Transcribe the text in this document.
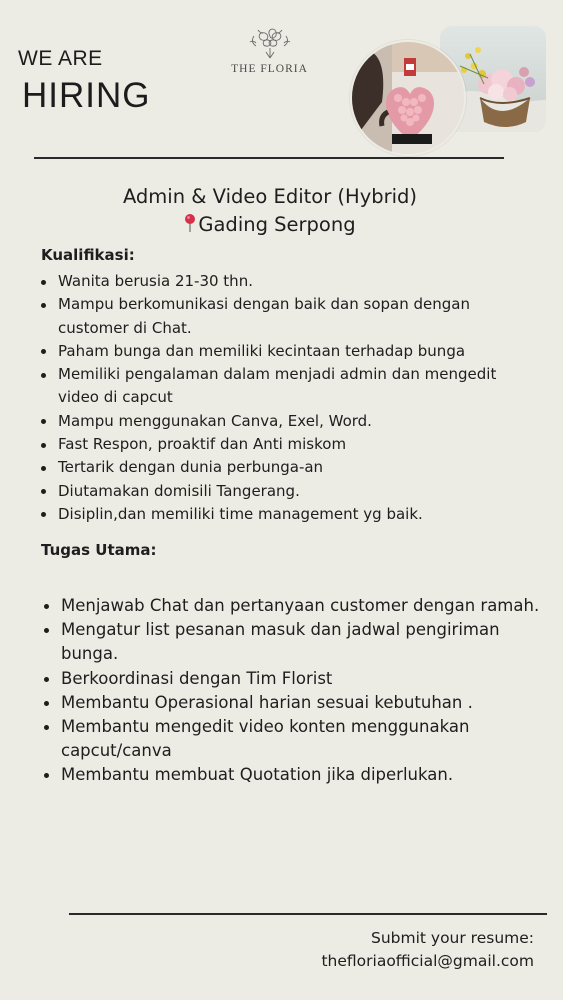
WE ARE
HIRING
THE FLORIA
Admin & Video Editor (Hybrid)
Gading Serpong
Kualifikasi:
Wanita berusia 21-30 thn.
Mampu berkomunikasi dengan baik dan sopan dengan customer di Chat.
Paham bunga dan memiliki kecintaan terhadap bunga
Memiliki pengalaman dalam menjadi admin dan mengedit video di capcut
Mampu menggunakan Canva, Exel, Word.
Fast Respon, proaktif dan Anti miskom
Tertarik dengan dunia perbunga-an
Diutamakan domisili Tangerang.
Disiplin,dan memiliki time management yg baik.
Tugas Utama:
Menjawab Chat dan pertanyaan customer dengan ramah.
Mengatur list pesanan masuk dan jadwal pengiriman bunga.
Berkoordinasi dengan Tim Florist
Membantu Operasional harian sesuai kebutuhan .
Membantu mengedit video konten menggunakan capcut/canva
Membantu membuat Quotation jika diperlukan.
Submit your resume:
thefloriaofficial@gmail.com
